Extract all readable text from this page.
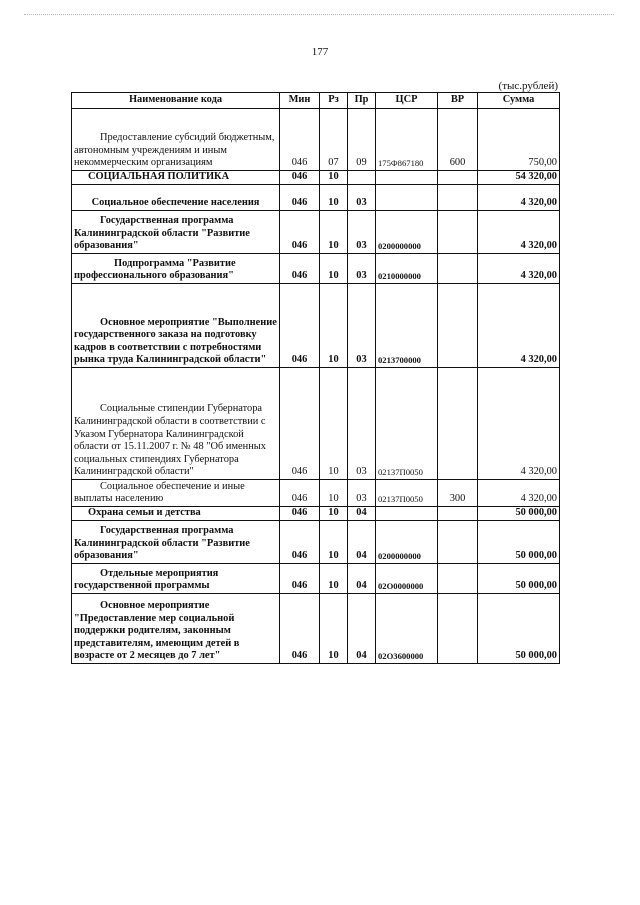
177
(тыс.рублей)
Наименование кода	Мин	Рз	Пр	ЦСР	ВР	Сумма

Предоставление субсидий бюджетным, автономным учреждениям и иным некоммерческим организациям	046	07	09	175Ф867180	600	750,00

СОЦИАЛЬНАЯ ПОЛИТИКА	046	10				54 320,00

Социальное обеспечение населения	046	10	03			4 320,00

Государственная программа Калининградской области "Развитие образования"	046	10	03	0200000000		4 320,00

Подпрограмма "Развитие профессионального образования"	046	10	03	0210000000		4 320,00

Основное мероприятие "Выполнение государственного заказа на подготовку кадров в соответствии с потребностями рынка труда Калининградской области"	046	10	03	0213700000		4 320,00

Социальные стипендии Губернатора Калининградской области в соответствии с Указом Губернатора Калининградской области от 15.11.2007 г. № 48 "Об именных социальных стипендиях Губернатора Калининградской области"	046	10	03	02137П0050		4 320,00

Социальное обеспечение и иные выплаты населению	046	10	03	02137П0050	300	4 320,00

Охрана семьи и детства	046	10	04			50 000,00

Государственная программа Калининградской области "Развитие образования"	046	10	04	0200000000		50 000,00

Отдельные мероприятия государственной программы	046	10	04	02О0000000		50 000,00

Основное мероприятие "Предоставление мер социальной поддержки родителям, законным представителям, имеющим детей в возрасте от 2 месяцев до 7 лет"	046	10	04	02О3600000		50 000,00
